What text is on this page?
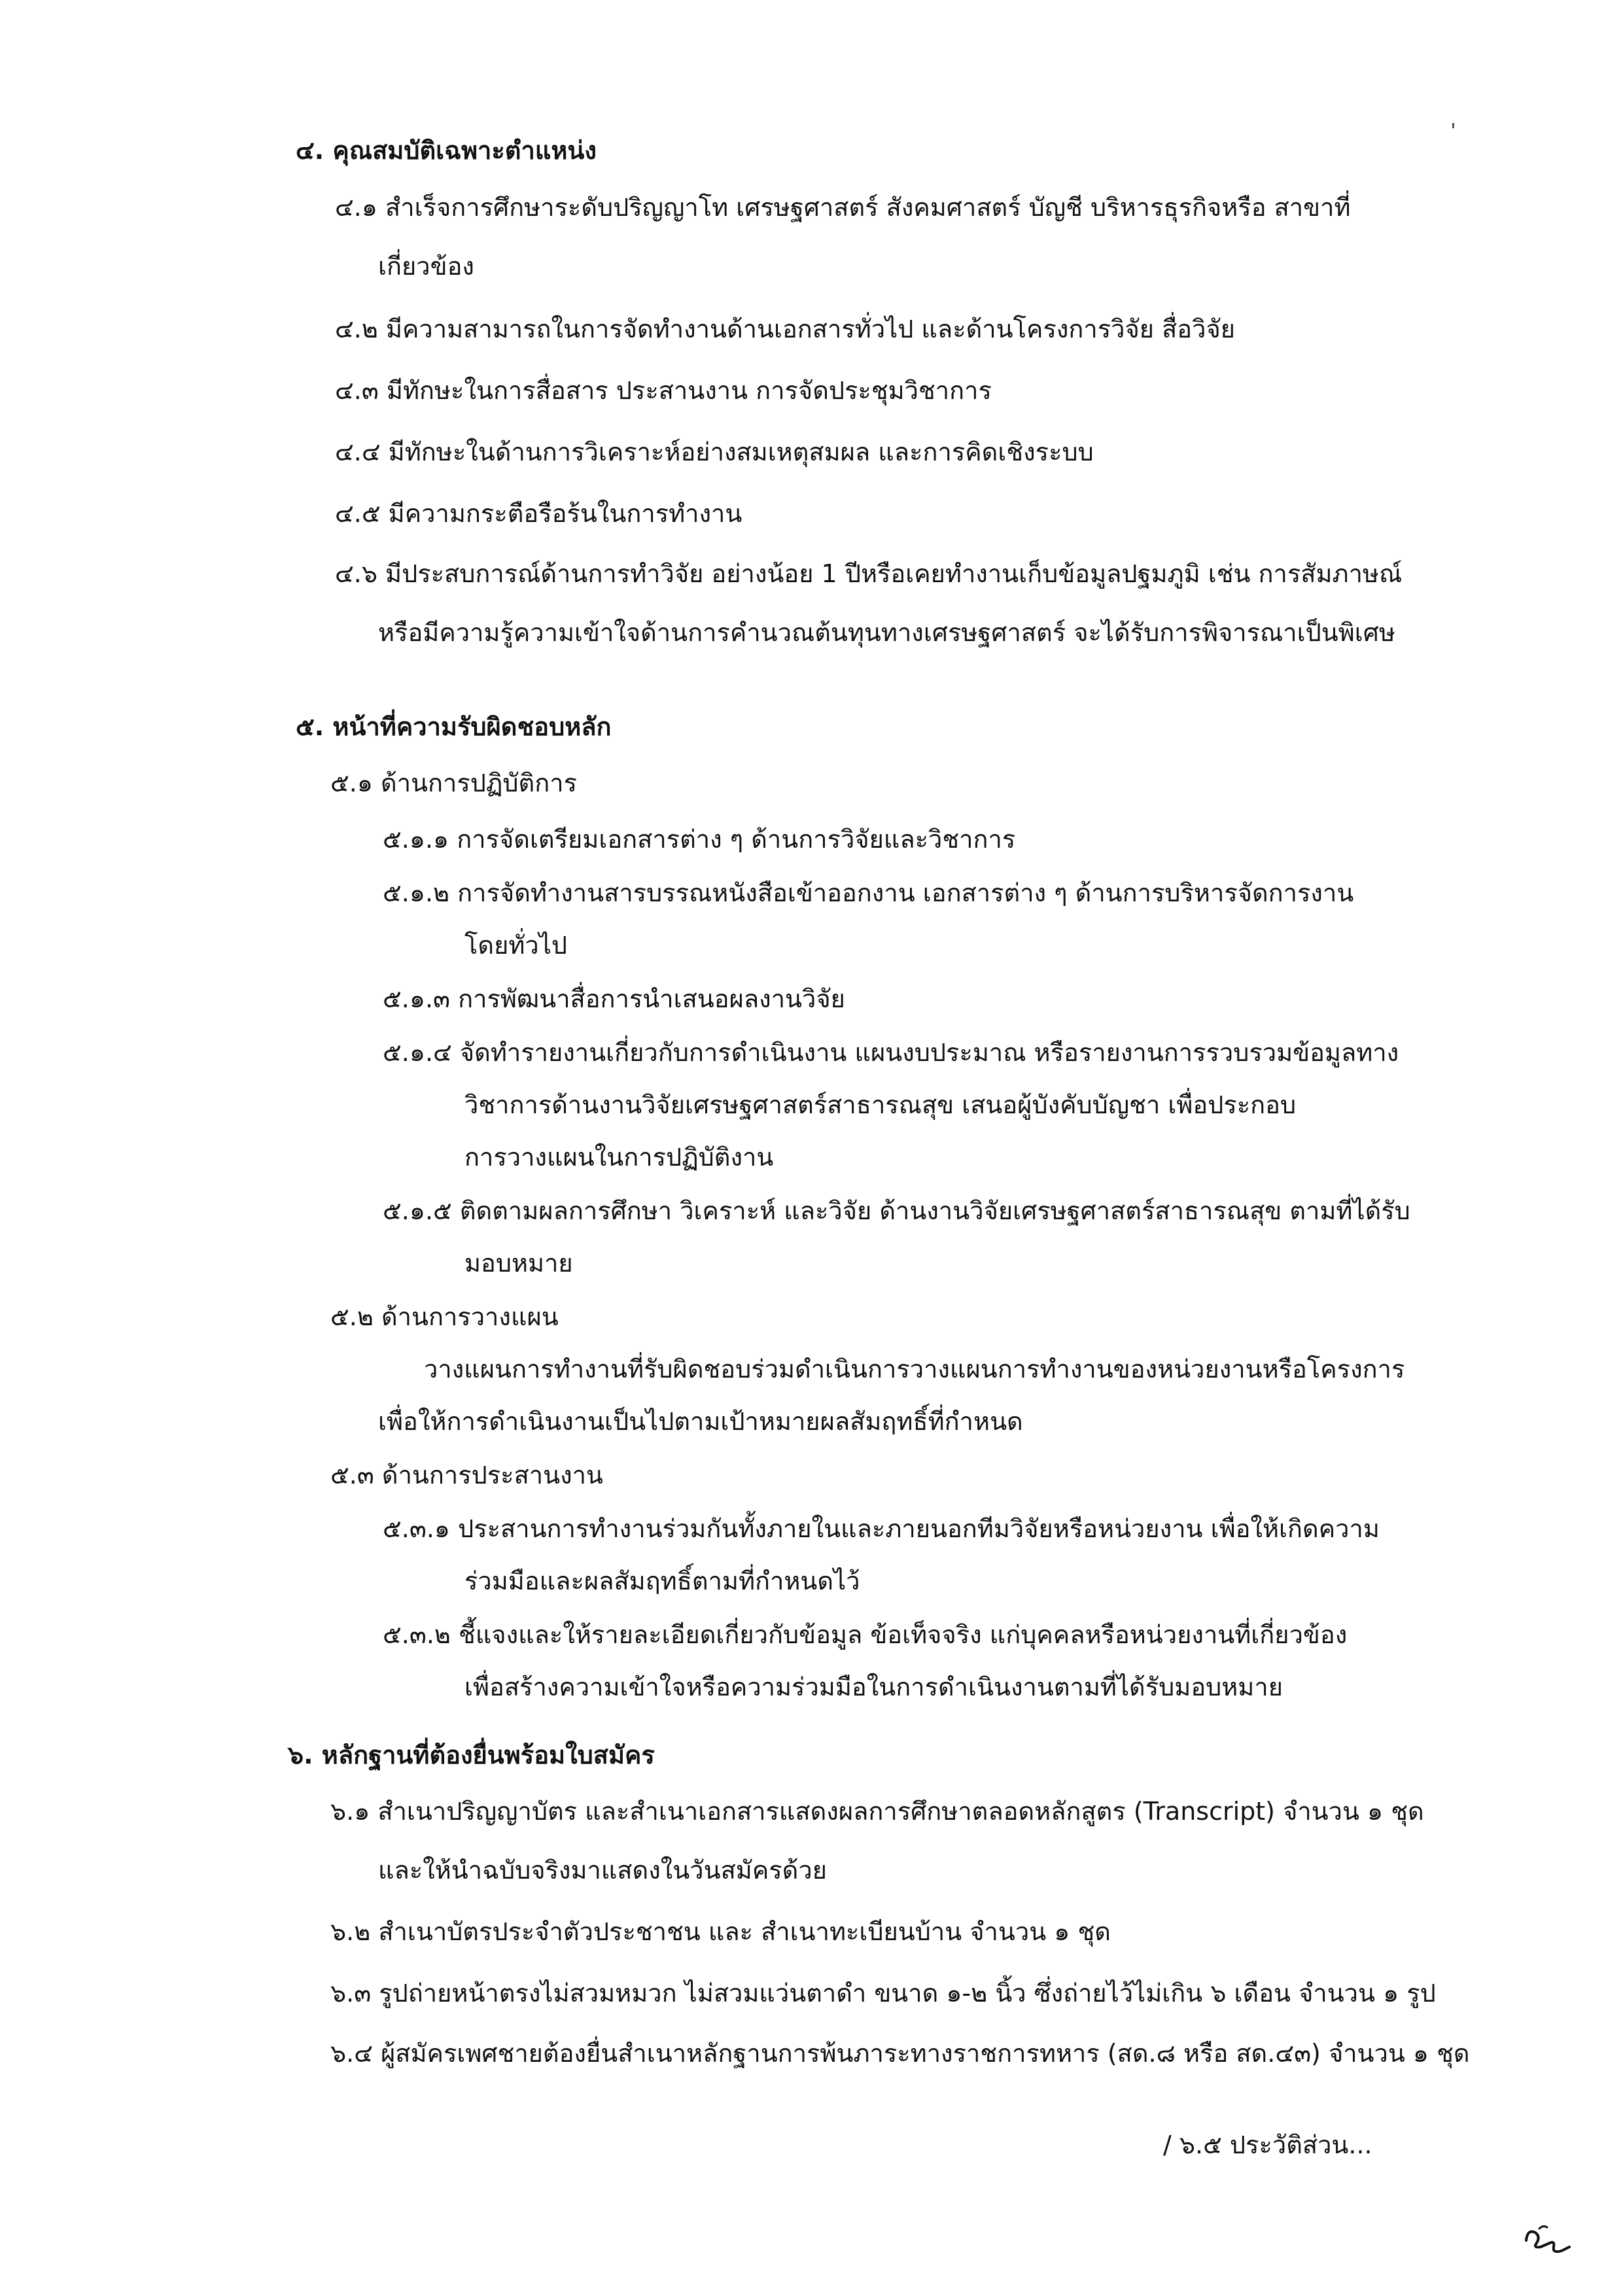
๔. คุณสมบัติเฉพาะตำแหน่ง
๔.๑ สำเร็จการศึกษาระดับปริญญาโท เศรษฐศาสตร์ สังคมศาสตร์ บัญชี บริหารธุรกิจหรือ สาขาที่
เกี่ยวข้อง
๔.๒ มีความสามารถในการจัดทำงานด้านเอกสารทั่วไป และด้านโครงการวิจัย สื่อวิจัย
๔.๓ มีทักษะในการสื่อสาร ประสานงาน การจัดประชุมวิชาการ
๔.๔ มีทักษะในด้านการวิเคราะห์อย่างสมเหตุสมผล และการคิดเชิงระบบ
๔.๕ มีความกระตือรือร้นในการทำงาน
๔.๖ มีประสบการณ์ด้านการทำวิจัย อย่างน้อย 1 ปีหรือเคยทำงานเก็บข้อมูลปฐมภูมิ เช่น การสัมภาษณ์
หรือมีความรู้ความเข้าใจด้านการคำนวณต้นทุนทางเศรษฐศาสตร์ จะได้รับการพิจารณาเป็นพิเศษ
๕. หน้าที่ความรับผิดชอบหลัก
๕.๑ ด้านการปฏิบัติการ
๕.๑.๑ การจัดเตรียมเอกสารต่าง ๆ ด้านการวิจัยและวิชาการ
๕.๑.๒ การจัดทำงานสารบรรณหนังสือเข้าออกงาน เอกสารต่าง ๆ ด้านการบริหารจัดการงาน
โดยทั่วไป
๕.๑.๓ การพัฒนาสื่อการนำเสนอผลงานวิจัย
๕.๑.๔ จัดทำรายงานเกี่ยวกับการดำเนินงาน แผนงบประมาณ หรือรายงานการรวบรวมข้อมูลทาง
วิชาการด้านงานวิจัยเศรษฐศาสตร์สาธารณสุข เสนอผู้บังคับบัญชา เพื่อประกอบ
การวางแผนในการปฏิบัติงาน
๕.๑.๕ ติดตามผลการศึกษา วิเคราะห์ และวิจัย ด้านงานวิจัยเศรษฐศาสตร์สาธารณสุข ตามที่ได้รับ
มอบหมาย
๕.๒ ด้านการวางแผน
วางแผนการทำงานที่รับผิดชอบร่วมดำเนินการวางแผนการทำงานของหน่วยงานหรือโครงการ
เพื่อให้การดำเนินงานเป็นไปตามเป้าหมายผลสัมฤทธิ์ที่กำหนด
๕.๓ ด้านการประสานงาน
๕.๓.๑ ประสานการทำงานร่วมกันทั้งภายในและภายนอกทีมวิจัยหรือหน่วยงาน เพื่อให้เกิดความ
ร่วมมือและผลสัมฤทธิ์ตามที่กำหนดไว้
๕.๓.๒ ชี้แจงและให้รายละเอียดเกี่ยวกับข้อมูล ข้อเท็จจริง แก่บุคคลหรือหน่วยงานที่เกี่ยวข้อง
เพื่อสร้างความเข้าใจหรือความร่วมมือในการดำเนินงานตามที่ได้รับมอบหมาย
๖. หลักฐานที่ต้องยื่นพร้อมใบสมัคร
๖.๑ สำเนาปริญญาบัตร และสำเนาเอกสารแสดงผลการศึกษาตลอดหลักสูตร (Transcript) จำนวน ๑ ชุด
และให้นำฉบับจริงมาแสดงในวันสมัครด้วย
๖.๒ สำเนาบัตรประจำตัวประชาชน และ สำเนาทะเบียนบ้าน จำนวน ๑ ชุด
๖.๓ รูปถ่ายหน้าตรงไม่สวมหมวก ไม่สวมแว่นตาดำ ขนาด ๑-๒ นิ้ว ซึ่งถ่ายไว้ไม่เกิน ๖ เดือน จำนวน ๑ รูป
๖.๔ ผู้สมัครเพศชายต้องยื่นสำเนาหลักฐานการพ้นภาระทางราชการทหาร (สด.๘ หรือ สด.๔๓) จำนวน ๑ ชุด
/ ๖.๕ ประวัติส่วน...
